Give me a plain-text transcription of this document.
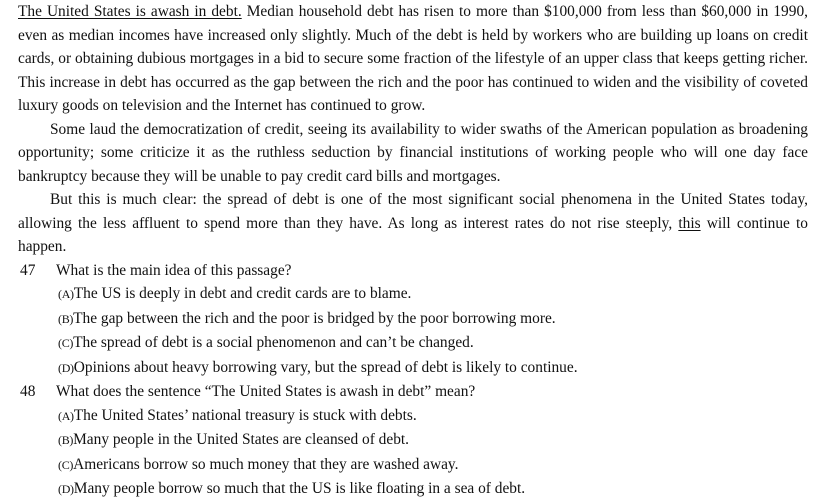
The United States is awash in debt. Median household debt has risen to more than $100,000 from less than $60,000 in 1990, even as median incomes have increased only slightly. Much of the debt is held by workers who are building up loans on credit cards, or obtaining dubious mortgages in a bid to secure some fraction of the lifestyle of an upper class that keeps getting richer. This increase in debt has occurred as the gap between the rich and the poor has continued to widen and the visibility of coveted luxury goods on television and the Internet has continued to grow.

Some laud the democratization of credit, seeing its availability to wider swaths of the American population as broadening opportunity; some criticize it as the ruthless seduction by financial institutions of working people who will one day face bankruptcy because they will be unable to pay credit card bills and mortgages.

But this is much clear: the spread of debt is one of the most significant social phenomena in the United States today, allowing the less affluent to spend more than they have. As long as interest rates do not rise steeply, this will continue to happen.

47	What is the main idea of this passage?
(A) The US is deeply in debt and credit cards are to blame.
(B) The gap between the rich and the poor is bridged by the poor borrowing more.
(C) The spread of debt is a social phenomenon and can’t be changed.
(D) Opinions about heavy borrowing vary, but the spread of debt is likely to continue.
48	What does the sentence “The United States is awash in debt” mean?
(A) The United States’ national treasury is stuck with debts.
(B) Many people in the United States are cleansed of debt.
(C) Americans borrow so much money that they are washed away.
(D) Many people borrow so much that the US is like floating in a sea of debt.
